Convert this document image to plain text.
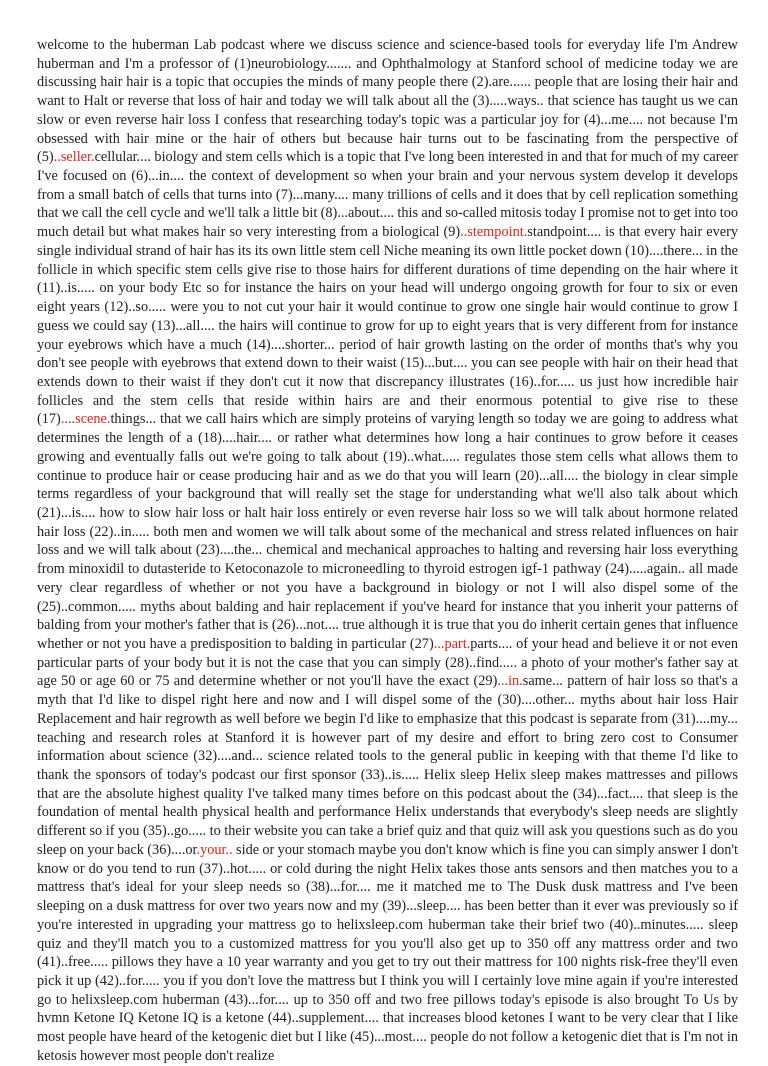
welcome to the huberman Lab podcast where we discuss science and science-based tools for everyday life I'm Andrew huberman and I'm a professor of (1)neurobiology....... and Ophthalmology at Stanford school of medicine today we are discussing hair hair is a topic that occupies the minds of many people there (2).are...... people that are losing their hair and want to Halt or reverse that loss of hair and today we will talk about all the (3).....ways.. that science has taught us we can slow or even reverse hair loss I confess that researching today's topic was a particular joy for (4)...me.... not because I'm obsessed with hair mine or the hair of others but because hair turns out to be fascinating from the perspective of (5)..seller.cellular.... biology and stem cells which is a topic that I've long been interested in and that for much of my career I've focused on (6)...in.... the context of development so when your brain and your nervous system develop it develops from a small batch of cells that turns into (7)...many.... many trillions of cells and it does that by cell replication something that we call the cell cycle and we'll talk a little bit (8)...about.... this and so-called mitosis today I promise not to get into too much detail but what makes hair so very interesting from a biological (9)..stempoint.standpoint.... is that every hair every single individual strand of hair has its its own little stem cell Niche meaning its own little pocket down (10)....there... in the follicle in which specific stem cells give rise to those hairs for different durations of time depending on the hair where it (11)..is..... on your body Etc so for instance the hairs on your head will undergo ongoing growth for four to six or even eight years (12)..so..... were you to not cut your hair it would continue to grow one single hair would continue to grow I guess we could say (13)...all.... the hairs will continue to grow for up to eight years that is very different from for instance your eyebrows which have a much (14)....shorter... period of hair growth lasting on the order of months that's why you don't see people with eyebrows that extend down to their waist (15)...but.... you can see people with hair on their head that extends down to their waist if they don't cut it now that discrepancy illustrates (16)..for..... us just how incredible hair follicles and the stem cells that reside within hairs are and their enormous potential to give rise to these (17)....scene.things... that we call hairs which are simply proteins of varying length so today we are going to address what determines the length of a (18)....hair.... or rather what determines how long a hair continues to grow before it ceases growing and eventually falls out we're going to talk about (19)..what..... regulates those stem cells what allows them to continue to produce hair or cease producing hair and as we do that you will learn (20)...all.... the biology in clear simple terms regardless of your background that will really set the stage for understanding what we'll also talk about which (21)...is.... how to slow hair loss or halt hair loss entirely or even reverse hair loss so we will talk about hormone related hair loss (22)..in..... both men and women we will talk about some of the mechanical and stress related influences on hair loss and we will talk about (23)....the... chemical and mechanical approaches to halting and reversing hair loss everything from minoxidil to dutasteride to Ketoconazole to microneedling to thyroid estrogen igf-1 pathway (24).....again.. all made very clear regardless of whether or not you have a background in biology or not I will also dispel some of the (25)..common..... myths about balding and hair replacement if you've heard for instance that you inherit your patterns of balding from your mother's father that is (26)...not.... true although it is true that you do inherit certain genes that influence whether or not you have a predisposition to balding in particular (27)...part.parts.... of your head and believe it or not even particular parts of your body but it is not the case that you can simply (28)..find..... a photo of your mother's father say at age 50 or age 60 or 75 and determine whether or not you'll have the exact (29)...in.same... pattern of hair loss so that's a myth that I'd like to dispel right here and now and I will dispel some of the (30)....other... myths about hair loss Hair Replacement and hair regrowth as well before we begin I'd like to emphasize that this podcast is separate from (31)....my... teaching and research roles at Stanford it is however part of my desire and effort to bring zero cost to Consumer information about science (32)....and... science related tools to the general public in keeping with that theme I'd like to thank the sponsors of today's podcast our first sponsor (33)..is..... Helix sleep Helix sleep makes mattresses and pillows that are the absolute highest quality I've talked many times before on this podcast about the (34)...fact.... that sleep is the foundation of mental health physical health and performance Helix understands that everybody's sleep needs are slightly different so if you (35)..go..... to their website you can take a brief quiz and that quiz will ask you questions such as do you sleep on your back (36)....or.your.. side or your stomach maybe you don't know which is fine you can simply answer I don't know or do you tend to run (37)..hot..... or cold during the night Helix takes those ants sensors and then matches you to a mattress that's ideal for your sleep needs so (38)...for.... me it matched me to The Dusk dusk mattress and I've been sleeping on a dusk mattress for over two years now and my (39)...sleep.... has been better than it ever was previously so if you're interested in upgrading your mattress go to helixsleep.com huberman take their brief two (40)..minutes..... sleep quiz and they'll match you to a customized mattress for you you'll also get up to 350 off any mattress order and two (41)..free..... pillows they have a 10 year warranty and you get to try out their mattress for 100 nights risk-free they'll even pick it up (42)..for..... you if you don't love the mattress but I think you will I certainly love mine again if you're interested go to helixsleep.com huberman (43)...for.... up to 350 off and two free pillows today's episode is also brought To Us by hvmn Ketone IQ Ketone IQ is a ketone (44)..supplement.... that increases blood ketones I want to be very clear that I like most people have heard of the ketogenic diet but I like (45)...most.... people do not follow a ketogenic diet that is I'm not in ketosis however most people don't realize
